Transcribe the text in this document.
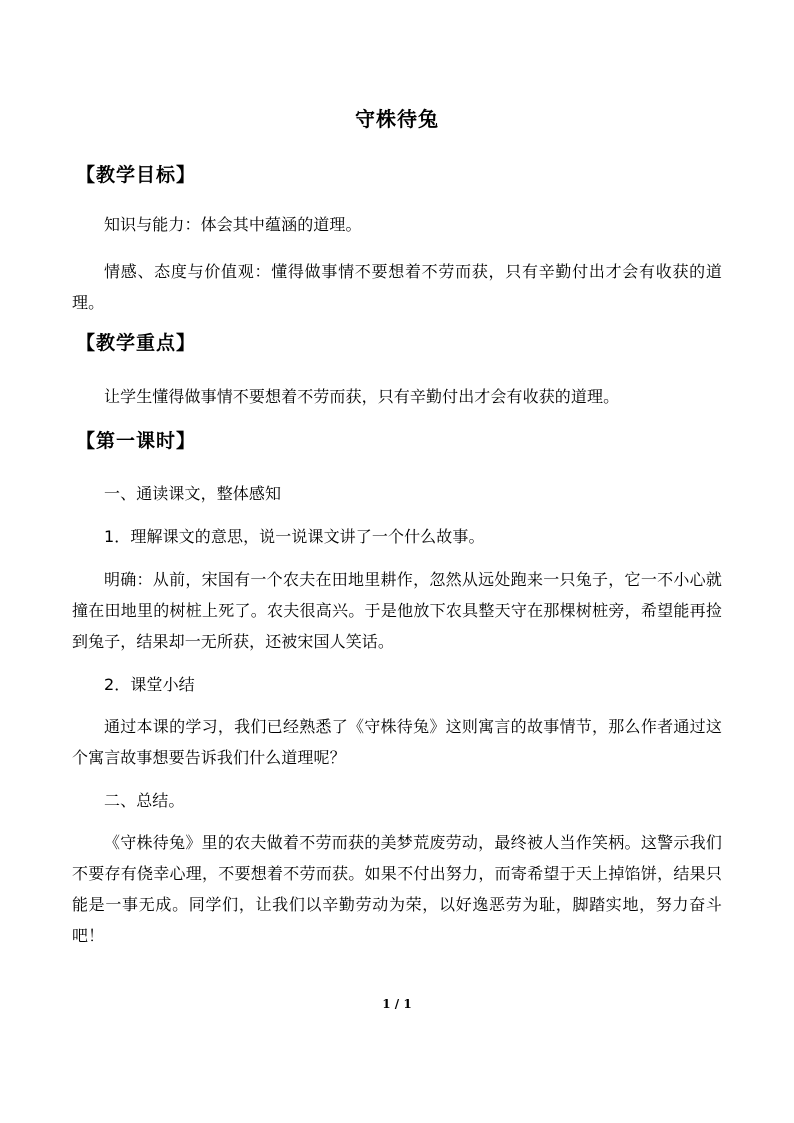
守株待兔
【教学目标】
知识与能力：体会其中蕴涵的道理。
情感、态度与价值观：懂得做事情不要想着不劳而获，只有辛勤付出才会有收获的道理。
【教学重点】
让学生懂得做事情不要想着不劳而获，只有辛勤付出才会有收获的道理。
【第一课时】
一、通读课文，整体感知
1．理解课文的意思，说一说课文讲了一个什么故事。
明确：从前，宋国有一个农夫在田地里耕作，忽然从远处跑来一只兔子，它一不小心就撞在田地里的树桩上死了。农夫很高兴。于是他放下农具整天守在那棵树桩旁，希望能再捡到兔子，结果却一无所获，还被宋国人笑话。
2．课堂小结
通过本课的学习，我们已经熟悉了《守株待兔》这则寓言的故事情节，那么作者通过这个寓言故事想要告诉我们什么道理呢？
二、总结。
《守株待兔》里的农夫做着不劳而获的美梦荒废劳动，最终被人当作笑柄。这警示我们不要存有侥幸心理，不要想着不劳而获。如果不付出努力，而寄希望于天上掉馅饼，结果只能是一事无成。同学们，让我们以辛勤劳动为荣，以好逸恶劳为耻，脚踏实地，努力奋斗吧！
1 / 1
